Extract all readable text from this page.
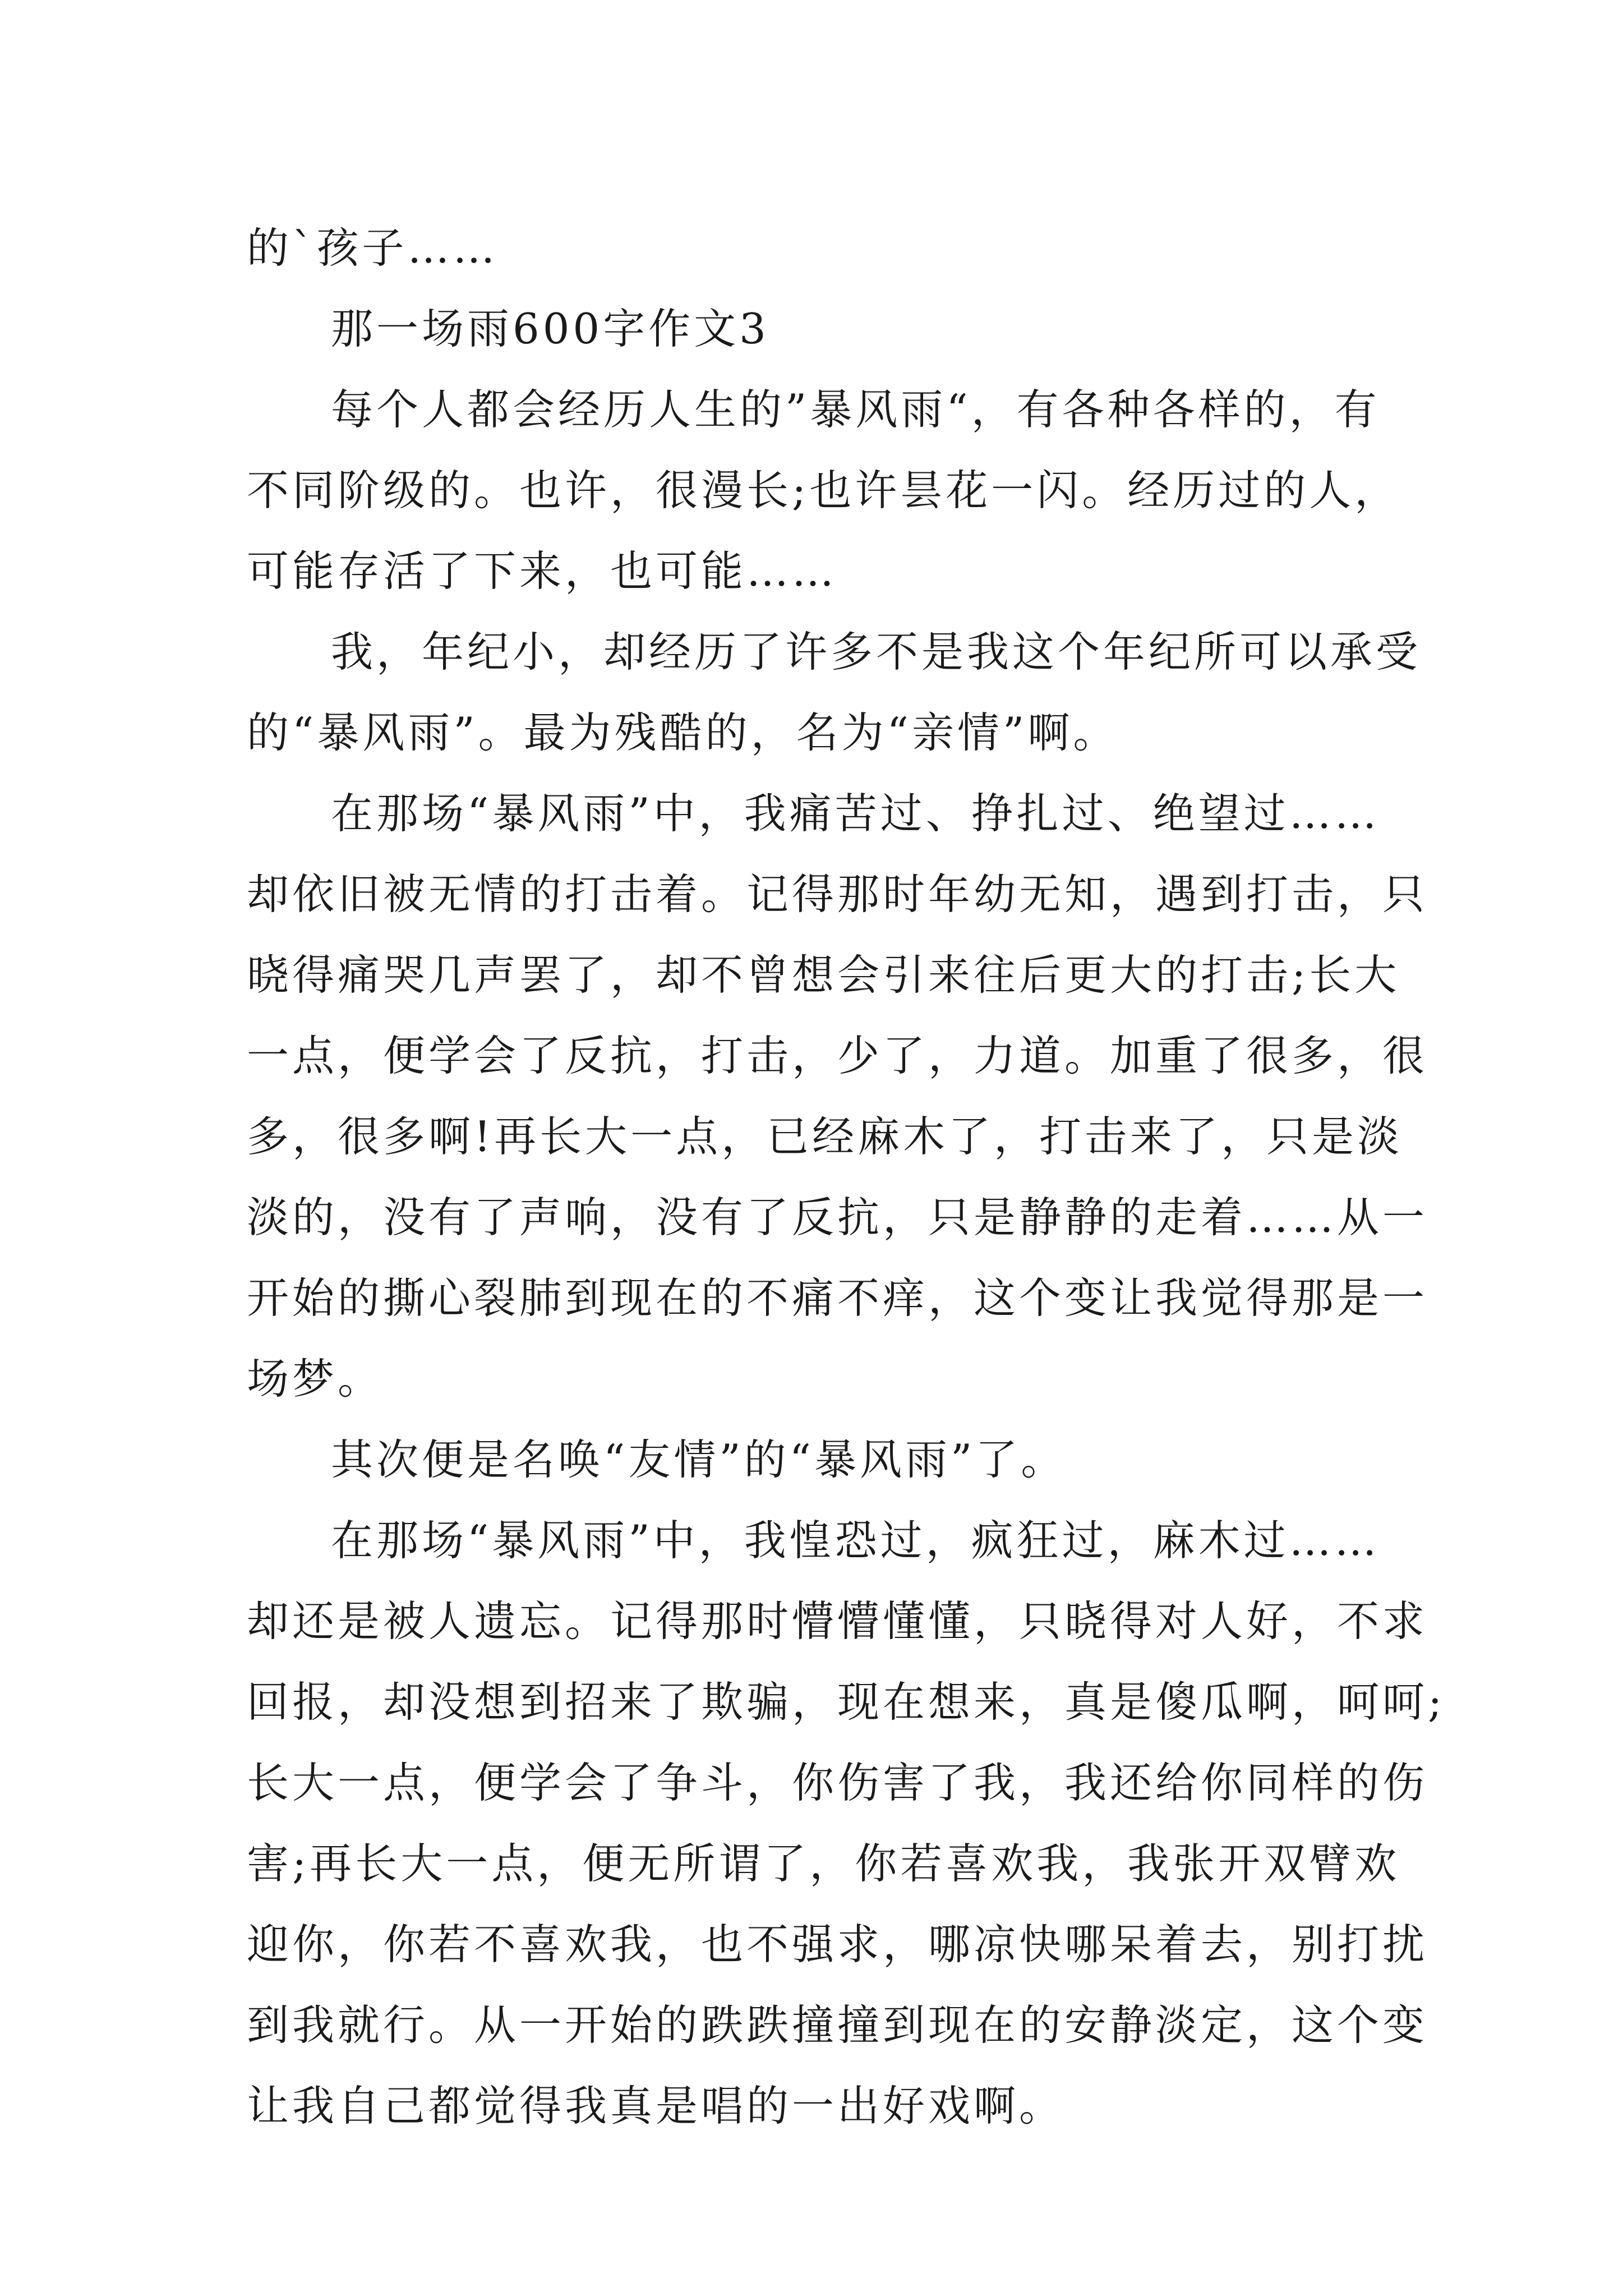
的`孩子……
那一场雨600字作文3
每个人都会经历人生的”暴风雨“，有各种各样的，有
不同阶级的。也许，很漫长;也许昙花一闪。经历过的人，
可能存活了下来，也可能……
我，年纪小，却经历了许多不是我这个年纪所可以承受
的“暴风雨”。最为残酷的，名为“亲情”啊。
在那场“暴风雨”中，我痛苦过、挣扎过、绝望过……
却依旧被无情的打击着。记得那时年幼无知，遇到打击，只
晓得痛哭几声罢了，却不曾想会引来往后更大的打击;长大
一点，便学会了反抗，打击，少了，力道。加重了很多，很
多，很多啊!再长大一点，已经麻木了，打击来了，只是淡
淡的，没有了声响，没有了反抗，只是静静的走着……从一
开始的撕心裂肺到现在的不痛不痒，这个变让我觉得那是一
场梦。
其次便是名唤“友情”的“暴风雨”了。
在那场“暴风雨”中，我惶恐过，疯狂过，麻木过……
却还是被人遗忘。记得那时懵懵懂懂，只晓得对人好，不求
回报，却没想到招来了欺骗，现在想来，真是傻瓜啊，呵呵;
长大一点，便学会了争斗，你伤害了我，我还给你同样的伤
害;再长大一点，便无所谓了，你若喜欢我，我张开双臂欢
迎你，你若不喜欢我，也不强求，哪凉快哪呆着去，别打扰
到我就行。从一开始的跌跌撞撞到现在的安静淡定，这个变
让我自己都觉得我真是唱的一出好戏啊。
